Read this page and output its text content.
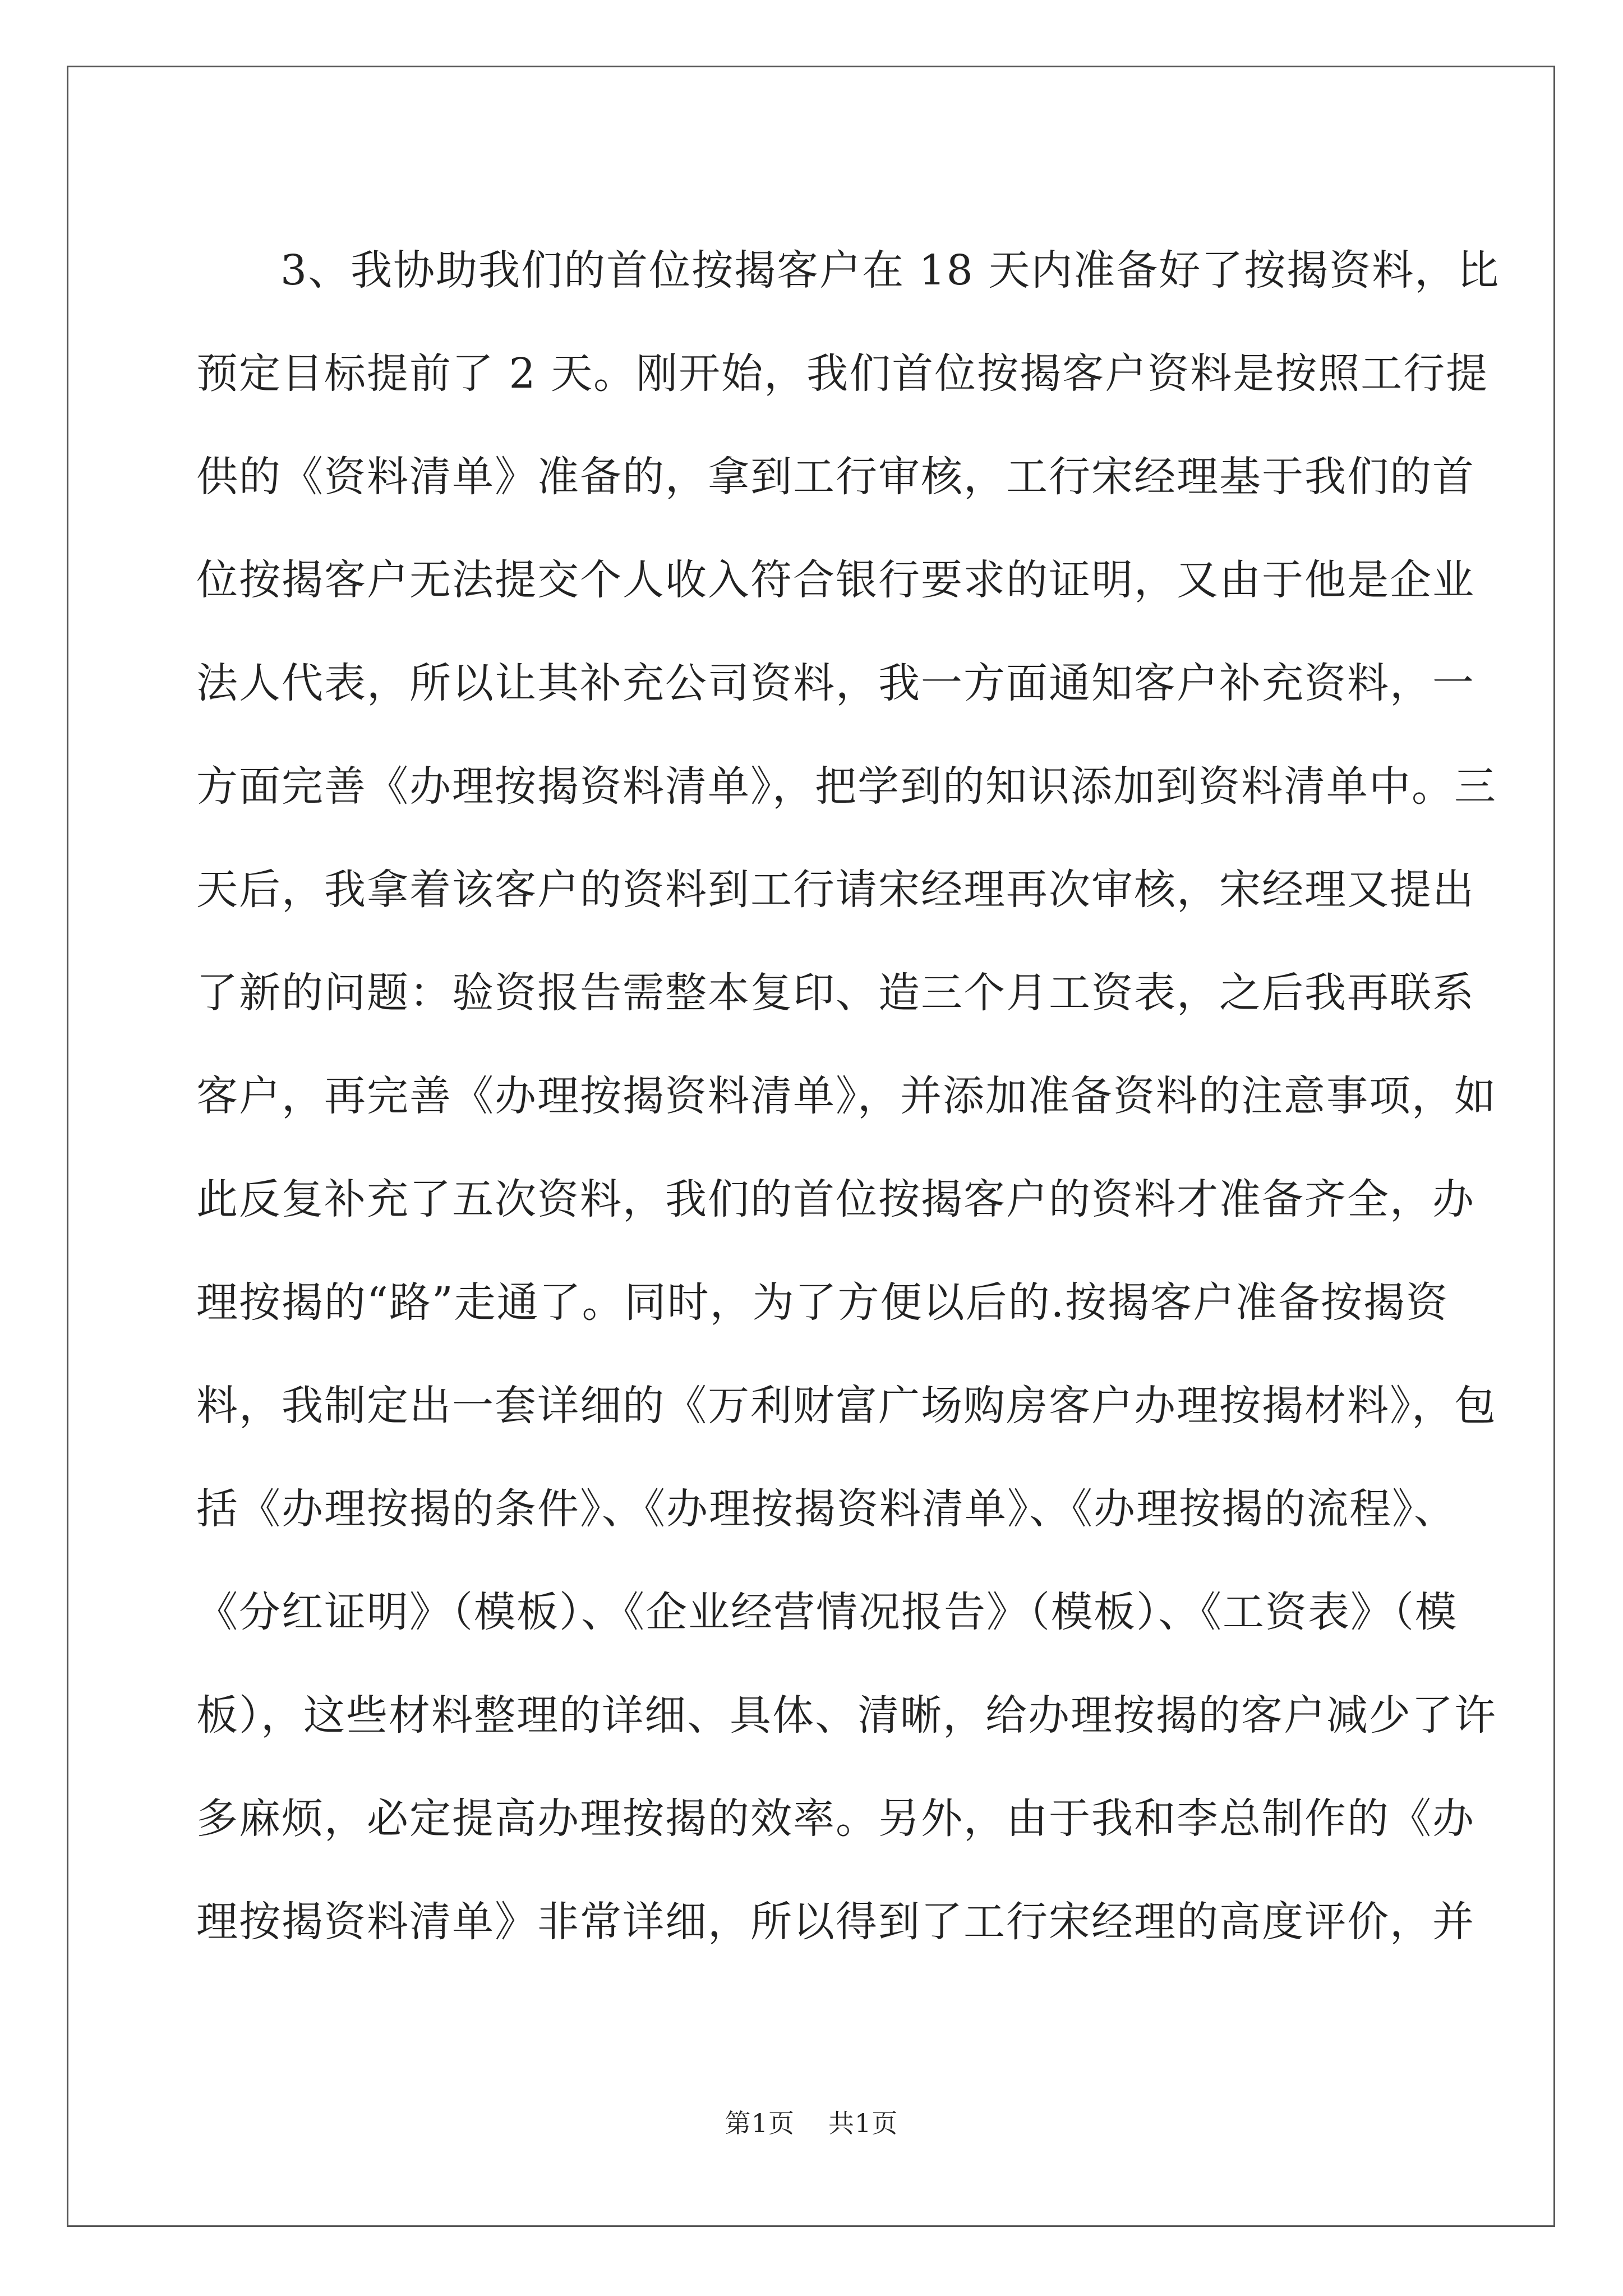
3、我协助我们的首位按揭客户在 18 天内准备好了按揭资料，比
预定目标提前了 2 天。刚开始，我们首位按揭客户资料是按照工行提
供的《资料清单》准备的，拿到工行审核，工行宋经理基于我们的首
位按揭客户无法提交个人收入符合银行要求的证明，又由于他是企业
法人代表，所以让其补充公司资料，我一方面通知客户补充资料，一
方面完善《办理按揭资料清单》，把学到的知识添加到资料清单中。三
天后，我拿着该客户的资料到工行请宋经理再次审核，宋经理又提出
了新的问题：验资报告需整本复印、造三个月工资表，之后我再联系
客户，再完善《办理按揭资料清单》，并添加准备资料的注意事项，如
此反复补充了五次资料，我们的首位按揭客户的资料才准备齐全，办
理按揭的“路”走通了。同时，为了方便以后的.按揭客户准备按揭资
料，我制定出一套详细的《万利财富广场购房客户办理按揭材料》，包
括《办理按揭的条件》、《办理按揭资料清单》、《办理按揭的流程》、
《分红证明》（模板）、《企业经营情况报告》（模板）、《工资表》（模
板），这些材料整理的详细、具体、清晰，给办理按揭的客户减少了许
多麻烦，必定提高办理按揭的效率。另外，由于我和李总制作的《办
理按揭资料清单》非常详细，所以得到了工行宋经理的高度评价，并
第1页 共1页
